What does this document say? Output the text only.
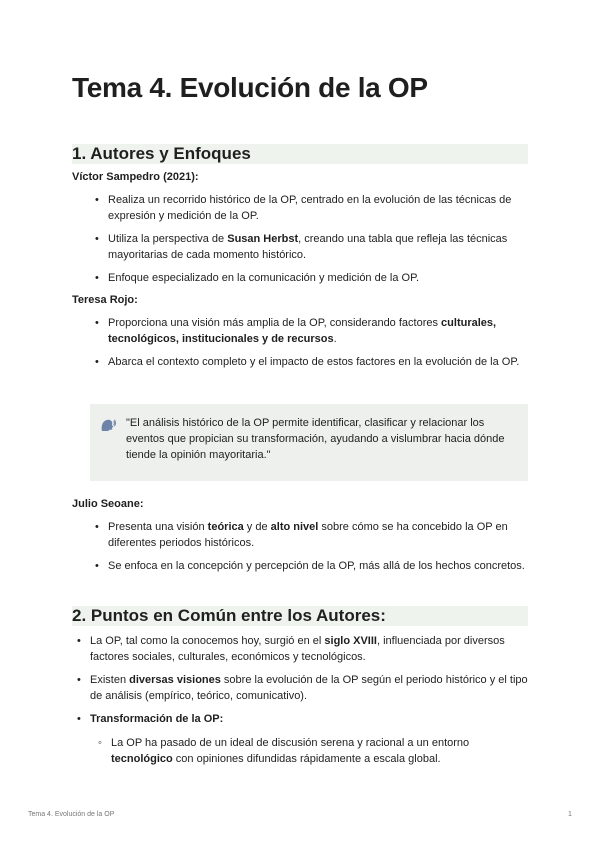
Tema 4. Evolución de la OP
1. Autores y Enfoques

Víctor Sampedro (2021):

• Realiza un recorrido histórico de la OP, centrado en la evolución de las técnicas de expresión y medición de la OP.
• Utiliza la perspectiva de Susan Herbst, creando una tabla que refleja las técnicas mayoritarias de cada momento histórico.
• Enfoque especializado en la comunicación y medición de la OP.

Teresa Rojo:

• Proporciona una visión más amplia de la OP, considerando factores culturales, tecnológicos, institucionales y de recursos.
• Abarca el contexto completo y el impacto de estos factores en la evolución de la OP.
"El análisis histórico de la OP permite identificar, clasificar y relacionar los eventos que propician su transformación, ayudando a vislumbrar hacia dónde tiende la opinión mayoritaria."

Julio Seoane:

• Presenta una visión teórica y de alto nivel sobre cómo se ha concebido la OP en diferentes periodos históricos.
• Se enfoca en la concepción y percepción de la OP, más allá de los hechos concretos.
2. Puntos en Común entre los Autores:
• La OP, tal como la conocemos hoy, surgió en el siglo XVIII, influenciada por diversos factores sociales, culturales, económicos y tecnológicos.
• Existen diversas visiones sobre la evolución de la OP según el periodo histórico y el tipo de análisis (empírico, teórico, comunicativo).
• Transformación de la OP:
◦ La OP ha pasado de un ideal de discusión serena y racional a un entorno tecnológico con opiniones difundidas rápidamente a escala global.
Tema 4. Evolución de la OP	1
